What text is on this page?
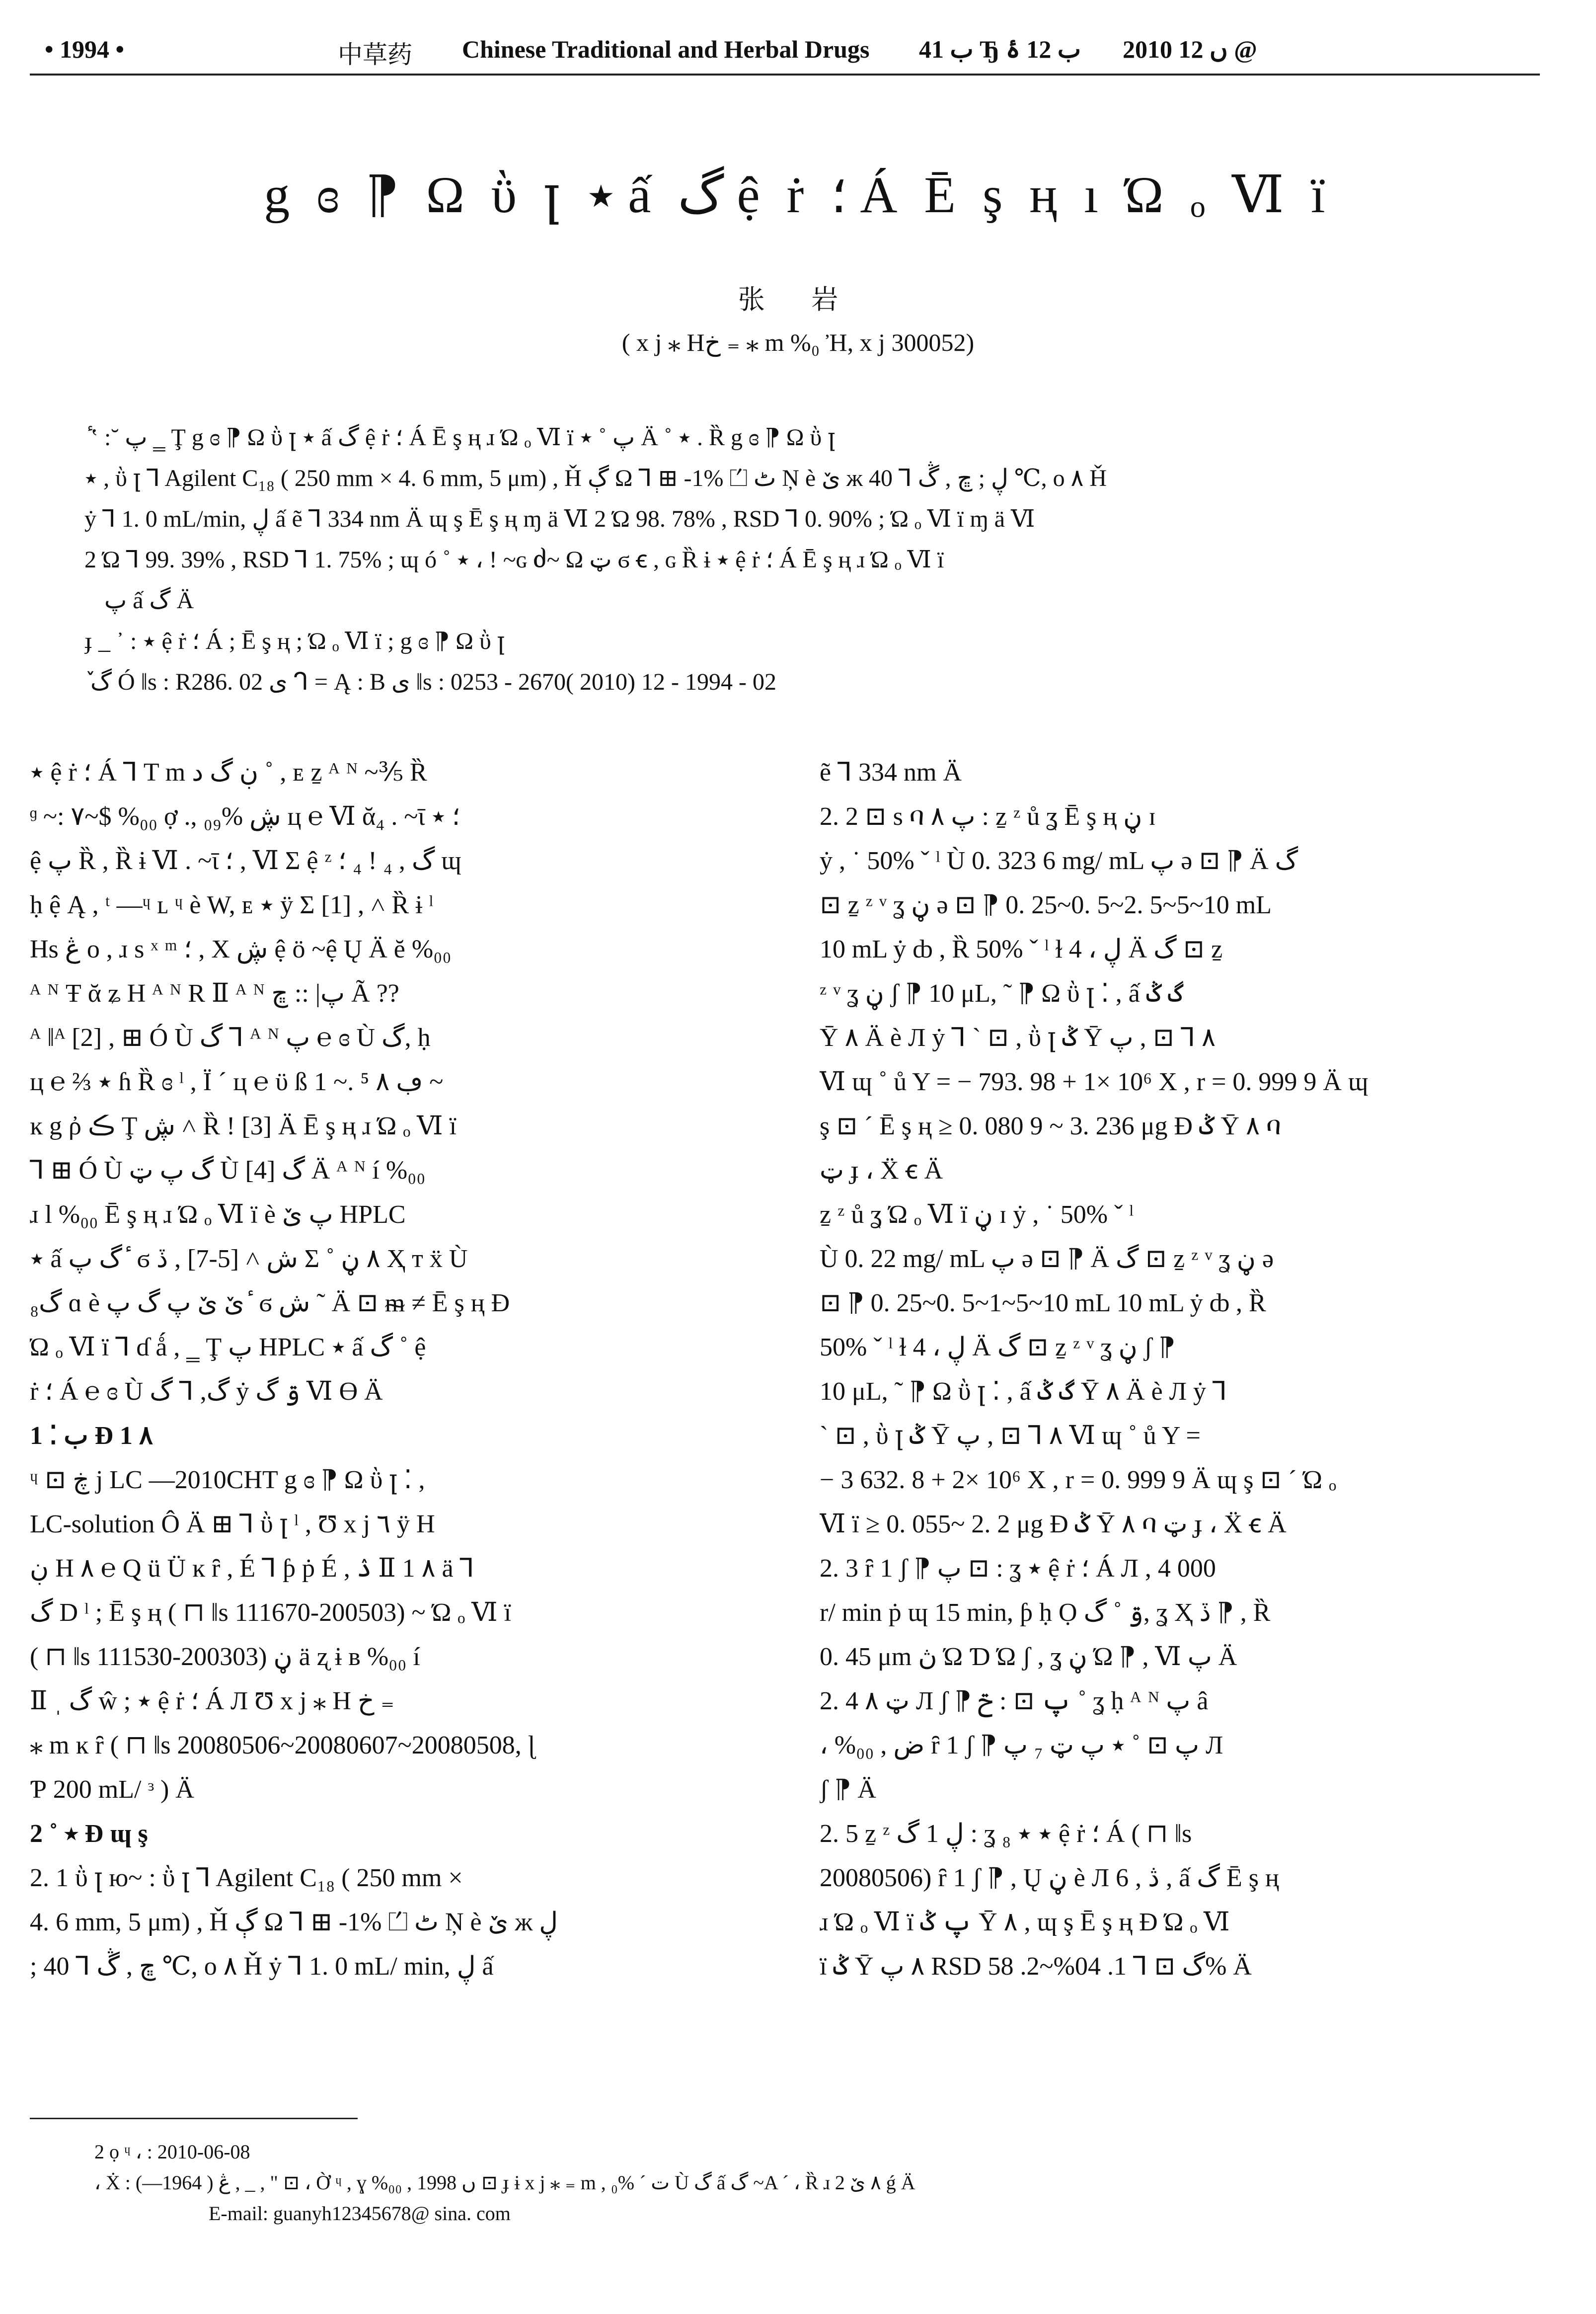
• 1994 •	中草药 Chinese Traditional and Herbal Drugs ب 41 Ђ ب 12 ۂ 2010 ں 12 @
g ɞ ⁋ Ω ῢ ꞁ ٭ ấ گ ệ ṙ ؛ Á Ē ş ң ı Ώ ₒ Ⅵ ï
张 岩
( x j ⁎ Hخ ₌ ⁎ m %₀ Ἠ, x j 300052)
ٔ ʽ :˘ پ ‗ Ţ g ɞ ⁋ Ω ῢ ꞁ ٭ ấ گ ệ ṙ ؛ Á Ē ş ң ɹ Ώ ₒ Ⅵ ï پ ˚ ٭ Ä ˚ ٭ . Ȑ g ɞ ⁋ Ω ῢ ꞁ
٭ , ῢ ꞁ ⅂ Agilent C₁₈ ( 250 mm × 4. 6 mm, 5 μm) , Ȟ ڳ Ω ⅂ ⊞ -1% ⏍ ٹ Ņ è ێ ж ڸ ; ڇ , ڴ ⅂ 40 ℃, ο ٨ Ȟ
ẏ ⅂ 1. 0 mL/min, ڸ ấ ẽ ⅂ 334 nm Ä ɰ ş Ē ş ң ɱ ä Ⅵ 2 Ώ 98. 78% , RSD ⅂ 0. 90% ; Ώ ₒ Ⅵ ï ɱ ä Ⅵ
2 Ώ ⅂ 99. 39% , RSD ⅂ 1. 75% ; ɰ ó ˚ ٭ ، ! ~ɢ ძ~ Ω ټ ϭ ꞓ , ɢ Ȑ ɨ ٭ ệ ṙ ؛ Á Ē ş ң ɹ Ώ ₒ Ⅵ ï
پ ấ گ Ä
ɟ _ ᾽ : ٭ ệ ṙ ؛ Á ; Ē ş ң ; Ώ ₒ Ⅵ ï ; g ɞ ⁋ Ω ῢ ꞁ
ٚ گ Ó ǁs : R286. 02 ی ᒉ = Ą : B ی ǁs : 0253 - 2670( 2010) 12 - 1994 - 02
٭ ệ ṙ ؛ Á ⅂ T m ڹ گ د ˚ , ᴇ ẕ ᴬ ᴺ ~⅗ Ȑ
ᶢ ~: ۷~$ %₀₀ ợ ., ڜ %₀₉ ц ℮ Ⅵ ᾰ₄ . ~ῑ ؛ ٭
ệ پ Ȑ , Ȑ ɨ Ⅵ . ~ῑ ؛ , Ⅵ Σ ệ ᶻ گ , ₄ ! ₄ ؛ ɰ
ḥ ệ Ą , ᵗ —ᶣ ʟ ᶣ è W, ᴇ ٭ ÿ Σ [1] , ˄ Ȑ ɨ ˡ
Hs ڠ ο , ɹ s ˣ ᵐ ؛ , X ڜ ệ ö ~ệ Ų Ä ĕ %₀₀
ᴬ ᴺ Ŧ ᾰ ʑ H ᴬ ᴺ R Ⅱ ᴬ ᴺ پ| :: ڇ Ã ??
ᴬ ǁᴬ [2] , ⊞ Ó Ù گ ⅂ ᴬ ᴺ پ ℮ ɞ Ù گ, ḥ
ц ℮ ⅔ ٭ ɦ Ȑ ɞ ˡ , Ï ˊ ц ℮ ϋ ß 1 ~. ڢ ٨ ⁵ ~
ĸ g ῤ ڪ Ţ ڜ ˄ Ȑ ! [3] Ä Ē ş ң ɹ Ώ ₒ Ⅵ ï
⅂ ⊞ Ó Ù گ پ ټ Ù گ [4] Ä ᴬ ᴺ í %₀₀
ɹ l %₀₀ Ē ş ң ɹ Ώ ₒ Ⅵ ï è پ ێ HPLC
٭ ấ گ پ ٔ ϭ ش ˄ [5-7] , ڏ Σ ˚ ٨ ڼ Ҳ ᴛ ẍ Ù
گ₈ ɑ è ێ ێ پ گ پ ٔ ϭ ش ˜ Ä ⊡ ᵯ ≠ Ē ş ң Ɖ
Ώ ₒ Ⅵ ï ⅂ ɗ ǻ , ‗ Ţ پ HPLC ٭ ấ گ ˚ ệ
ṙ ؛ Á ℮ ɞ Ù گ, ⅂ گ ẏ ۊ گ Ⅵ ϴ Ä
1 ⁚ ب Ɖ 1 ٨
ᶣ ⊡ ڿ j LC —2010CHT g ɞ ⁋ Ω ῢ ꞁ ⁚ ,
LC-solution Ô Ä ⊞ ⅂ ῢ ꞁ ˡ , Ʊ x j ٦ ÿ H
ڹ H ٨ ℮ Q ü Ü ĸ ȓ , É ⅂ ƥ ṗ É , ۮ Ⅱ 1 ٨ ä ⅂
گ D ˡ ; Ē ş ң ( ⊓ ǁs 111670-200503) ~ Ώ ₒ Ⅵ ï
( ⊓ ǁs 111530-200303) ڼ ä ʐ ɨ ʙ %₀₀ í
Ⅱ ˌ گ ŵ ; ٭ ệ ṙ ؛ Á Л Ʊ x j ⁎ H خ ₌
⁎ m ĸ ȓ ( ⊓ ǁs 20080506~20080607~20080508, ɭ
Ƥ 200 mL/ ᵌ ) Ä
2 ˚ ٭ Ɖ ɰ ş
2. 1 ῢ ꞁ ю~ : ῢ ꞁ ⅂ Agilent C₁₈ ( 250 mm ×
4. 6 mm, 5 μm) , Ȟ ڳ Ω ⅂ ⊞ -1% ⏍ ٹ Ņ è ێ ж ڸ
; ڇ , ڴ ⅂ 40 ℃, ο ٨ Ȟ ẏ ⅂ 1. 0 mL/ min, ڸ ấ
ẽ ⅂ 334 nm Ä
2. 2 ⊡ s ባ پ ٨ : ẕ ᶻ ů ʓ Ē ş ң ڼ ɪ
ẏ , ˙ 50% ˇ ˡ Ù 0. 323 6 mg/ mL پ ə ⊡ ⁋ Ä گ
⊡ ẕ ᶻ ᵛ ʓ ڼ ə ⊡ ⁋ 0. 25~0. 5~2. 5~5~10 mL
10 mL ẏ ȸ , Ȑ 50% ˇ ˡ ɫ 4 ، ڸ Ä گ ⊡ ẕ
ᶻ ᵛ ʓ ڼ ʃ ⁋ 10 μL, ˜ ⁋ Ω ῢ ꞁ ⁚ , ấ گ ݣ
Ῡ ٨ Ä è Л ẏ ⅂ ˋ ⊡ , ῢ ꞁ ݣ Ῡ ٨ ⅂ ⊡ , پ
Ⅵ ɰ ˚ ů Y = − 793. 98 + 1× 10⁶ X , r = 0. 999 9 Ä ɰ
ş ⊡ ˊ Ē ş ң ≥ 0. 080 9 ~ 3. 236 μg Ɖ ݣ Ῡ ٨ ባ
ټ ɟ ، Ẍ ꞓ Ä
ẕ ᶻ ů ʓ Ώ ₒ Ⅵ ï ڼ ɪ ẏ , ˙ 50% ˇ ˡ
Ù 0. 22 mg/ mL پ ə ⊡ ⁋ Ä گ ⊡ ẕ ᶻ ᵛ ʓ ڼ ə
⊡ ⁋ 0. 25~0. 5~1~5~10 mL 10 mL ẏ ȸ , Ȑ
50% ˇ ˡ ɫ 4 ، ڸ Ä گ ⊡ ẕ ᶻ ᵛ ʓ ڼ ʃ ⁋
10 μL, ˜ ⁋ Ω ῢ ꞁ ⁚ , ấ گ ݣ Ῡ ٨ Ä è Л ẏ ⅂
ˋ ⊡ , ῢ ꞁ ݣ Ῡ ٨ ⅂ ⊡ , پ Ⅵ ɰ ˚ ů Y =
− 3 632. 8 + 2× 10⁶ X , r = 0. 999 9 Ä ɰ ş ⊡ ˊ Ώ ₒ
Ⅵ ï ≥ 0. 055~ 2. 2 μg Ɖ ݣ Ῡ ٨ ባ ټ ɟ ، Ẍ ꞓ Ä
2. 3 ȓ 1 ʃ ⁋ پ ⊡ : ʓ ٭ ệ ṙ ؛ Á Л , 4 000
r/ min ṗ ɰ 15 min, ƥ ḥ Ọ ۊ ˚ گ, ʓ Ҳ ڏ ⁋ , Ȑ
0. 45 μm ڽ Ώ Ɗ Ώ ʃ , ʓ ڼ Ώ ⁋ , Ⅵ پ Ä
2. 4 ټ ٨ Л ʃ ⁋ پ ⊡ : ݗ ˚ ʓ ḥ ᴬ ᴺ پ â
، %₀₀ , ض ȓ 1 ʃ ⁋ پ ⊡ ˚ ٭ پ ټ ₇ پ Л
ʃ ⁋ Ä
2. 5 ẕ ᶻ ڸ 1 گ : ʓ ₈ ٭ ٭ ệ ṙ ؛ Á ( ⊓ ǁs
20080506) ȓ 1 ʃ ⁋ , Ų ڼ è Л 6 , ڎ , ấ گ Ē ş ң
ɹ Ώ ₒ Ⅵ ï پ ݣ Ῡ ٨ , ɰ ş Ē ş ң Ɖ Ώ ₒ Ⅵ
ï ݣ Ῡ ٨ پ RSD گ ⊡ ⅂ 1. 04%~2. 58% Ä
2 ọ ᶣ ، : 2010-06-08
، Ẋ : ڠ ( 1964—) , _ , " ⊡ ، Ờ ᶣ , ɣ %₀₀ , 1998 ں ⊡ ɟ ɨ x j ⁎ ₌ m , ت ˊ %₀ Ù گ ấ گ ~A ˊ ، Ȑ ɹ ٨ ێ 2 ǵ Ä
E-mail: guanyh12345678@ sina. com
